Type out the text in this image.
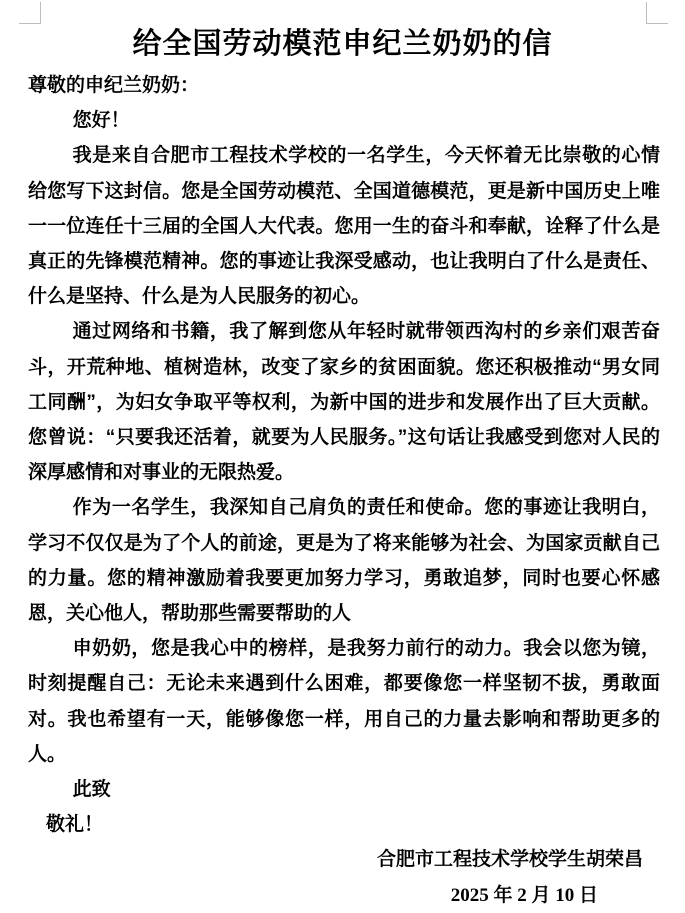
给全国劳动模范申纪兰奶奶的信

尊敬的申纪兰奶奶：

您好！

我是来自合肥市工程技术学校的一名学生，今天怀着无比崇敬的心情给您写下这封信。您是全国劳动模范、全国道德模范，更是新中国历史上唯一一位连任十三届的全国人大代表。您用一生的奋斗和奉献，诠释了什么是真正的先锋模范精神。您的事迹让我深受感动，也让我明白了什么是责任、什么是坚持、什么是为人民服务的初心。

通过网络和书籍，我了解到您从年轻时就带领西沟村的乡亲们艰苦奋斗，开荒种地、植树造林，改变了家乡的贫困面貌。您还积极推动“男女同工同酬”，为妇女争取平等权利，为新中国的进步和发展作出了巨大贡献。您曾说：“只要我还活着，就要为人民服务。”这句话让我感受到您对人民的深厚感情和对事业的无限热爱。

作为一名学生，我深知自己肩负的责任和使命。您的事迹让我明白，学习不仅仅是为了个人的前途，更是为了将来能够为社会、为国家贡献自己的力量。您的精神激励着我要更加努力学习，勇敢追梦，同时也要心怀感恩，关心他人，帮助那些需要帮助的人

申奶奶，您是我心中的榜样，是我努力前行的动力。我会以您为镜，时刻提醒自己：无论未来遇到什么困难，都要像您一样坚韧不拔，勇敢面对。我也希望有一天，能够像您一样，用自己的力量去影响和帮助更多的人。

此致

敬礼！

合肥市工程技术学校学生胡荣昌

2025 年 2 月 10 日
